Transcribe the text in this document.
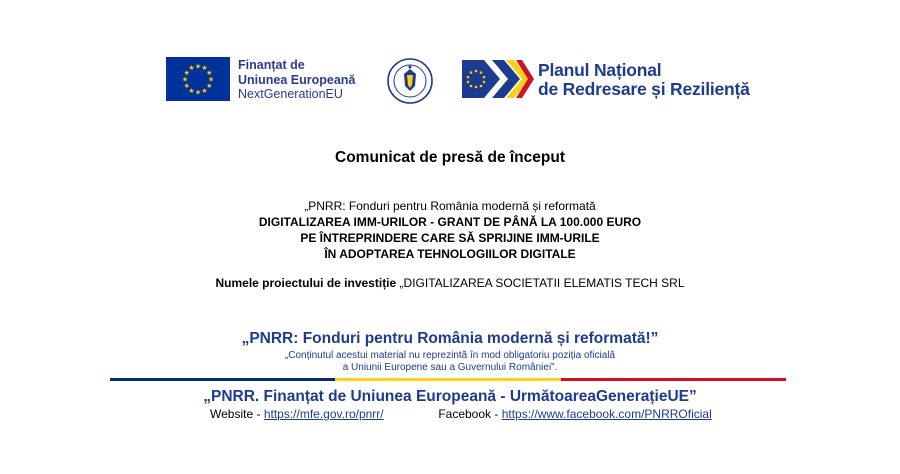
★ ★
★
★
★
★
★
★
★
★
★
★	Finanțat de
Uniunea Europeană
NextGenerationEU
Planul Național
de Redresare și Reziliență
Comunicat de presă de început
„PNRR: Fonduri pentru România modernă și reformată
DIGITALIZAREA IMM-URILOR - GRANT DE PÂNĂ LA 100.000 EURO
PE ÎNTREPRINDERE CARE SĂ SPRIJINE IMM-URILE
ÎN ADOPTAREA TEHNOLOGIILOR DIGITALE
Numele proiectului de investiție „DIGITALIZAREA SOCIETATII ELEMATIS TECH SRL
„PNRR: Fonduri pentru România modernă și reformată!”
„Conținutul acestui material nu reprezintă în mod obligatoriu poziția oficială
a Uniunii Europene sau a Guvernului României”.
„PNRR. Finanțat de Uniunea Europeană - UrmătoareaGenerațieUE”
Website - https://mfe.gov.ro/pnrr/	Facebook - https://www.facebook.com/PNRROficial
